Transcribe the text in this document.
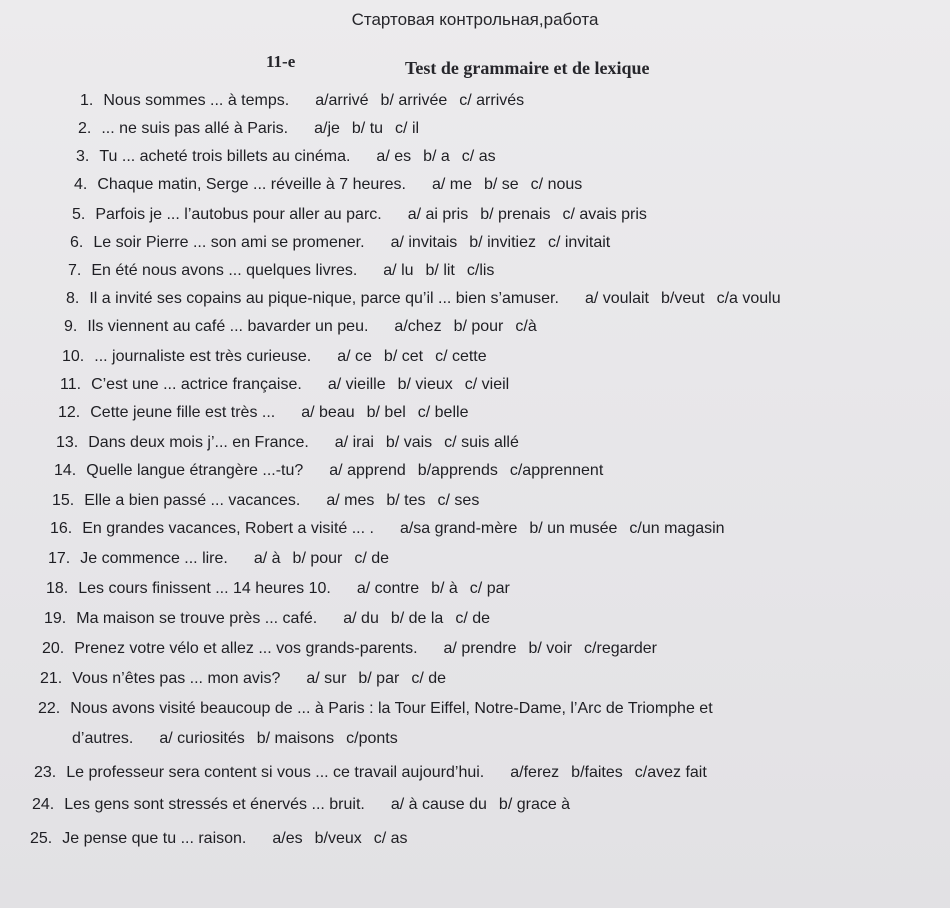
Стартовая контрольная,работа
11-е	Test de grammaire et de lexique
1. Nous sommes ... à temps. a/arrivé b/ arrivée c/ arrivés
2. ... ne suis pas allé à Paris. a/je b/ tu c/ il
3. Tu ... acheté trois billets au cinéma. a/ es b/ a c/ as
4. Chaque matin, Serge ... réveille à 7 heures. a/ me b/ se c/ nous
5. Parfois je ... l’autobus pour aller au parc. a/ ai pris b/ prenais c/ avais pris
6. Le soir Pierre ... son ami se promener. a/ invitais b/ invitiez c/ invitait
7. En été nous avons ... quelques livres. a/ lu b/ lit c/lis
8. Il a invité ses copains au pique-nique, parce qu’il ... bien s’amuser. a/ voulait b/veut c/a voulu
9. Ils viennent au café ... bavarder un peu. a/chez b/ pour c/à
10. ... journaliste est très curieuse. a/ ce b/ cet c/ cette
11. C’est une ... actrice française. a/ vieille b/ vieux c/ vieil
12. Cette jeune fille est très ... a/ beau b/ bel c/ belle
13. Dans deux mois j’... en France. a/ irai b/ vais c/ suis allé
14. Quelle langue étrangère ...-tu? a/ apprend b/apprends c/apprennent
15. Elle a bien passé ... vacances. a/ mes b/ tes c/ ses
16. En grandes vacances, Robert a visité ... . a/sa grand-mère b/ un musée c/un magasin
17. Je commence ... lire. a/ à b/ pour c/ de
18. Les cours finissent ... 14 heures 10. a/ contre b/ à c/ par
19. Ma maison se trouve près ... café. a/ du b/ de la c/ de
20. Prenez votre vélo et allez ... vos grands-parents. a/ prendre b/ voir c/regarder
21. Vous n’êtes pas ... mon avis? a/ sur b/ par c/ de
22. Nous avons visité beaucoup de ... à Paris : la Tour Eiffel, Notre-Dame, l’Arc de Triomphe et
d’autres. a/ curiosités b/ maisons c/ponts
23. Le professeur sera content si vous ... ce travail aujourd’hui. a/ferez b/faites c/avez fait
24. Les gens sont stressés et énervés ... bruit. a/ à cause du b/ grace à
25. Je pense que tu ... raison. a/es b/veux c/ as
